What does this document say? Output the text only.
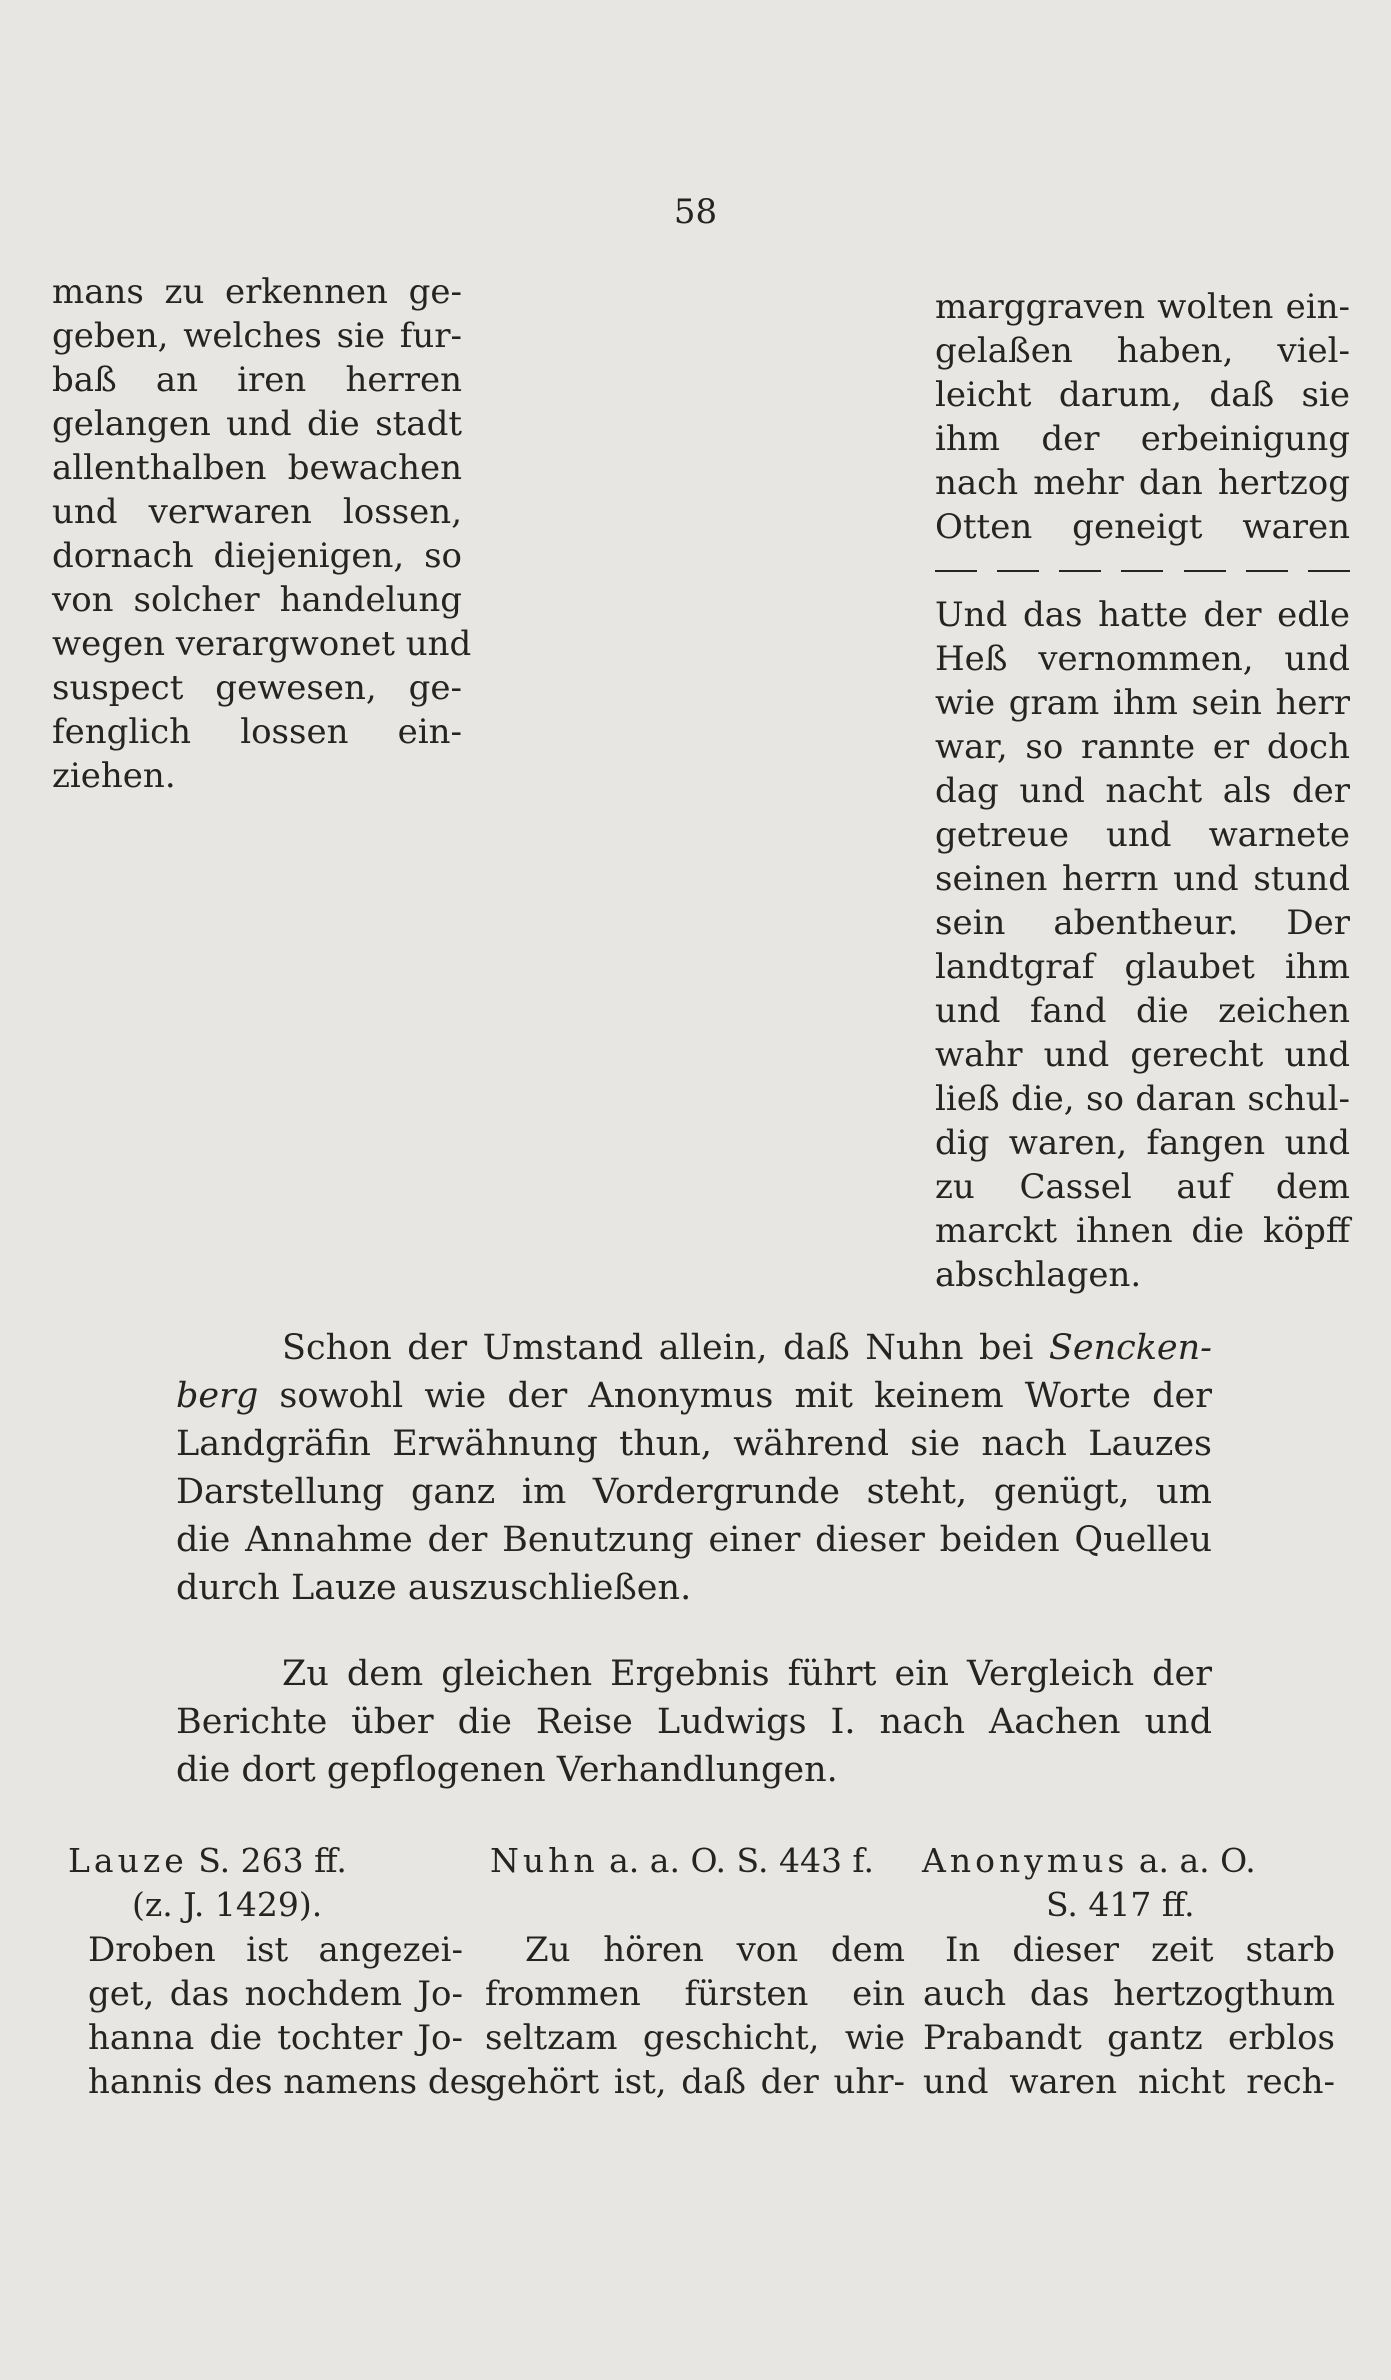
58
mans zu erkennen ge-
geben, welches sie fur-
baß an iren herren
gelangen und die stadt
allenthalben bewachen
und verwaren lossen,
dornach diejenigen, so
von solcher handelung
wegen verargwonet und
suspect gewesen, ge-
fenglich lossen ein-
ziehen.
marggraven wolten ein-
gelaßen haben, viel-
leicht darum, daß sie
ihm der erbeinigung
nach mehr dan hertzog
Otten geneigt waren
Und das hatte der edle
Heß vernommen, und
wie gram ihm sein herr
war, so rannte er doch
dag und nacht als der
getreue und warnete
seinen herrn und stund
sein abentheur. Der
landtgraf glaubet ihm
und fand die zeichen
wahr und gerecht und
ließ die, so daran schul-
dig waren, fangen und
zu Cassel auf dem
marckt ihnen die köpff
abschlagen.
Schon der Umstand allein, daß Nuhn bei Sencken-
berg sowohl wie der Anonymus mit keinem Worte der
Landgräfin Erwähnung thun, während sie nach Lauzes
Darstellung ganz im Vordergrunde steht, genügt, um
die Annahme der Benutzung einer dieser beiden Quelleu
durch Lauze auszuschließen.
Zu dem gleichen Ergebnis führt ein Vergleich der
Berichte über die Reise Ludwigs I. nach Aachen und
die dort gepflogenen Verhandlungen.
Lauze S. 263 ff.
(z. J. 1429).
Nuhn a. a. O. S. 443 f. Anonymus a. a. O.
S. 417 ff.
Droben ist angezei-
get, das nochdem Jo-
hanna die tochter Jo-
hannis des namens des
Zu hören von dem
frommen fürsten ein
seltzam geschicht, wie
gehört ist, daß der uhr-
In dieser zeit starb
auch das hertzogthum
Prabandt gantz erblos
und waren nicht rech-
